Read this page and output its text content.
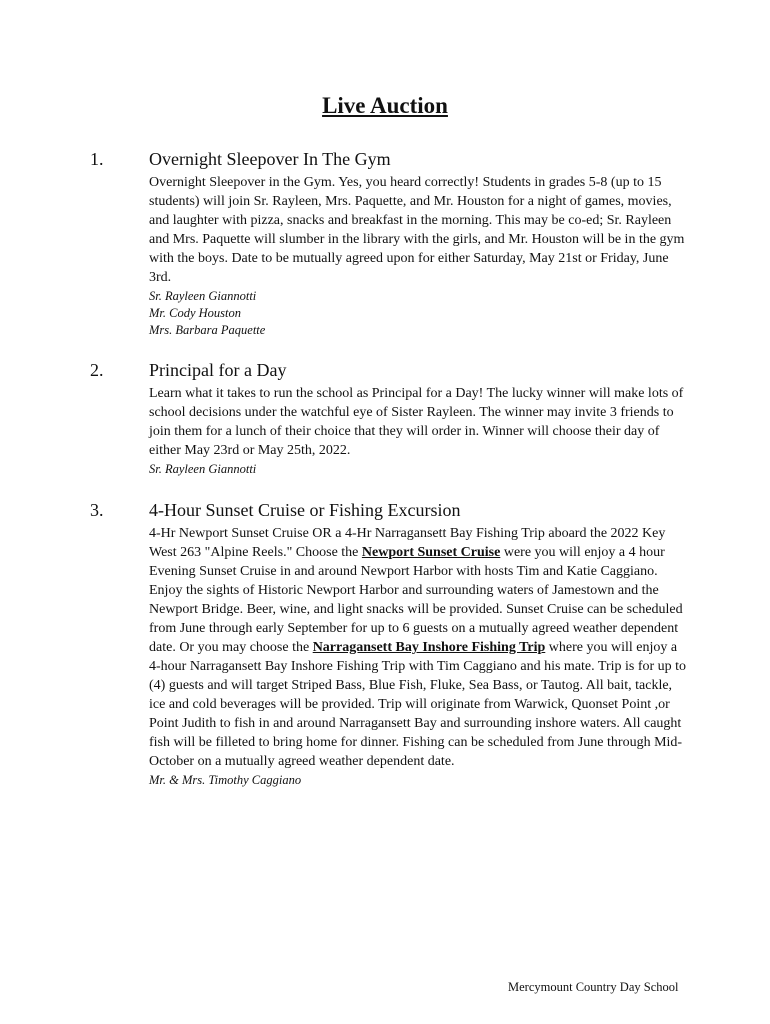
Live Auction
1.	Overnight Sleepover In The Gym

Overnight Sleepover in the Gym. Yes, you heard correctly! Students in grades 5-8 (up to 15 students) will join Sr. Rayleen, Mrs. Paquette, and Mr. Houston for a night of games, movies, and laughter with pizza, snacks and breakfast in the morning. This may be co-ed; Sr. Rayleen and Mrs. Paquette will slumber in the library with the girls, and Mr. Houston will be in the gym with the boys. Date to be mutually agreed upon for either Saturday, May 21st or Friday, June 3rd.

Sr. Rayleen Giannotti
Mr. Cody Houston
Mrs. Barbara Paquette
2.	Principal for a Day

Learn what it takes to run the school as Principal for a Day! The lucky winner will make lots of school decisions under the watchful eye of Sister Rayleen. The winner may invite 3 friends to join them for a lunch of their choice that they will order in. Winner will choose their day of either May 23rd or May 25th, 2022.

Sr. Rayleen Giannotti
3.	4-Hour Sunset Cruise or Fishing Excursion

4-Hr Newport Sunset Cruise OR a 4-Hr Narragansett Bay Fishing Trip aboard the 2022 Key West 263 "Alpine Reels." Choose the Newport Sunset Cruise were you will enjoy a 4 hour Evening Sunset Cruise in and around Newport Harbor with hosts Tim and Katie Caggiano. Enjoy the sights of Historic Newport Harbor and surrounding waters of Jamestown and the Newport Bridge. Beer, wine, and light snacks will be provided. Sunset Cruise can be scheduled from June through early September for up to 6 guests on a mutually agreed weather dependent date. Or you may choose the Narragansett Bay Inshore Fishing Trip where you will enjoy a 4-hour Narragansett Bay Inshore Fishing Trip with Tim Caggiano and his mate. Trip is for up to (4) guests and will target Striped Bass, Blue Fish, Fluke, Sea Bass, or Tautog. All bait, tackle, ice and cold beverages will be provided. Trip will originate from Warwick, Quonset Point ,or Point Judith to fish in and around Narragansett Bay and surrounding inshore waters. All caught fish will be filleted to bring home for dinner. Fishing can be scheduled from June through Mid-October on a mutually agreed weather dependent date.

Mr. & Mrs. Timothy Caggiano
Mercymount Country Day School
